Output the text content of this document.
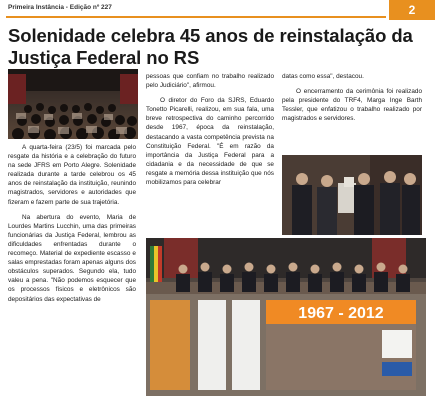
Primeira Instância - Edição nº 227	2
Solenidade celebra 45 anos de reinstalação da Justiça Federal no RS
1967 - 2012

A quarta-feira (23/5) foi marcada pelo resgate da história e a celebração do futuro na sede JFRS em Porto Alegre. Solenidade realizada durante a tarde celebrou os 45 anos de reinstalação da instituição, reunindo magistrados, servidores e autoridades que fizeram e fazem parte de sua trajetória.

Na abertura do evento, Maria de Lourdes Martins Lucchin, uma das primeiras funcionárias da Justiça Federal, lembrou as dificuldades enfrentadas durante o recomeço. Material de expediente escasso e salas emprestadas foram apenas alguns dos obstáculos superados. Segundo ela, tudo valeu a pena. "Não podemos esquecer que os processos físicos e eletrônicos são depositários das expectativas de

pessoas que confiam no trabalho realizado pelo Judiciário", afirmou.

O diretor do Foro da SJRS, Eduardo Tonetto Picarelli, realizou, em sua fala, uma breve retrospectiva do caminho percorrido desde 1967, época da reinstalação, destacando a vasta competência prevista na Constituição Federal. "É em razão da importância da Justiça Federal para a cidadania e da necessidade de que se resgate a memória dessa instituição que nós mobilizamos para celebrar

datas como essa", destacou.

O encerramento da cerimônia foi realizado pela presidente do TRF4, Marga Inge Barth Tessler, que enfatizou o trabalho realizado por magistrados e servidores.
